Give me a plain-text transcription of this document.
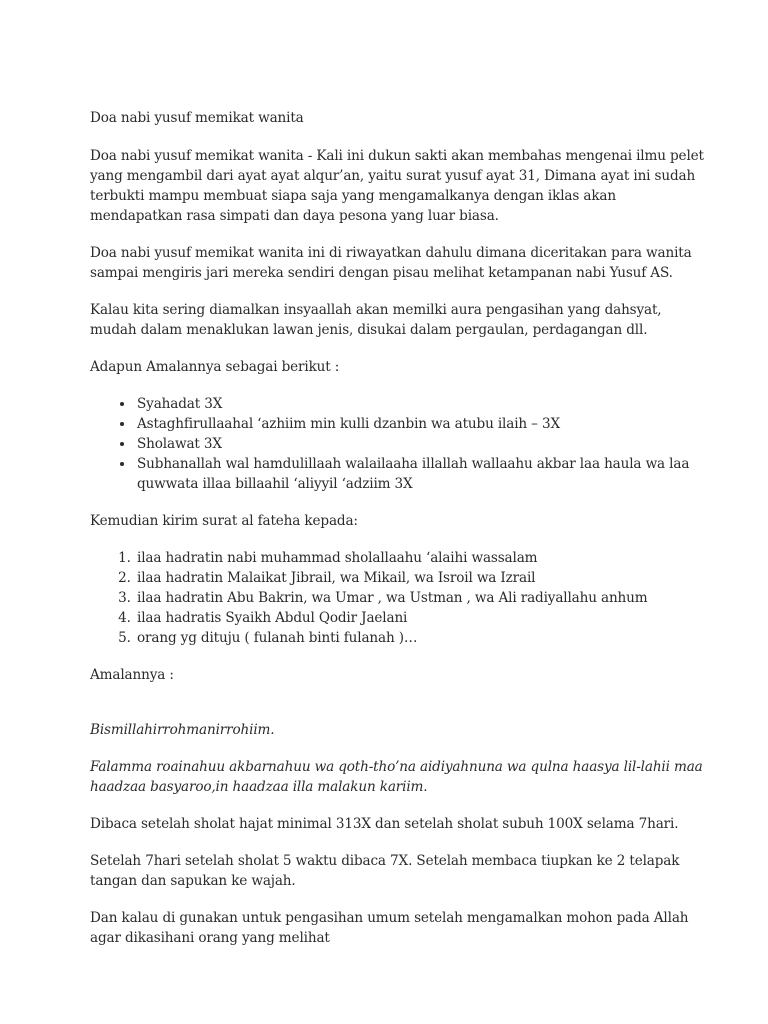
Doa nabi yusuf memikat wanita

Doa nabi yusuf memikat wanita - Kali ini dukun sakti akan membahas mengenai ilmu pelet yang mengambil dari ayat ayat alqur’an, yaitu surat yusuf ayat 31, Dimana ayat ini sudah terbukti mampu membuat siapa saja yang mengamalkanya dengan iklas akan mendapatkan rasa simpati dan daya pesona yang luar biasa.

Doa nabi yusuf memikat wanita ini di riwayatkan dahulu dimana diceritakan para wanita sampai mengiris jari mereka sendiri dengan pisau melihat ketampanan nabi Yusuf AS.

Kalau kita sering diamalkan insyaallah akan memilki aura pengasihan yang dahsyat, mudah dalam menaklukan lawan jenis, disukai dalam pergaulan, perdagangan dll.

Adapun Amalannya sebagai berikut :

• Syahadat 3X
• Astaghfirullaahal ‘azhiim min kulli dzanbin wa atubu ilaih – 3X
• Sholawat 3X
• Subhanallah wal hamdulillaah walailaaha illallah wallaahu akbar laa haula wa laa quwwata illaa billaahil ‘aliyyil ‘adziim 3X

Kemudian kirim surat al fateha kepada:

1. ilaa hadratin nabi muhammad sholallaahu ‘alaihi wassalam
2. ilaa hadratin Malaikat Jibrail, wa Mikail, wa Isroil wa Izrail
3. ilaa hadratin Abu Bakrin, wa Umar , wa Ustman , wa Ali radiyallahu anhum
4. ilaa hadratis Syaikh Abdul Qodir Jaelani
5. orang yg dituju ( fulanah binti fulanah )…

Amalannya :

Bismillahirrohmanirrohiim.

Falamma roainahuu akbarnahuu wa qoth-tho’na aidiyahnuna wa qulna haasya lil-lahii maa haadzaa basyaroo,in haadzaa illa malakun kariim.

Dibaca setelah sholat hajat minimal 313X dan setelah sholat subuh 100X selama 7hari.

Setelah 7hari setelah sholat 5 waktu dibaca 7X. Setelah membaca tiupkan ke 2 telapak tangan dan sapukan ke wajah.

Dan kalau di gunakan untuk pengasihan umum setelah mengamalkan mohon pada Allah agar dikasihani orang yang melihat
